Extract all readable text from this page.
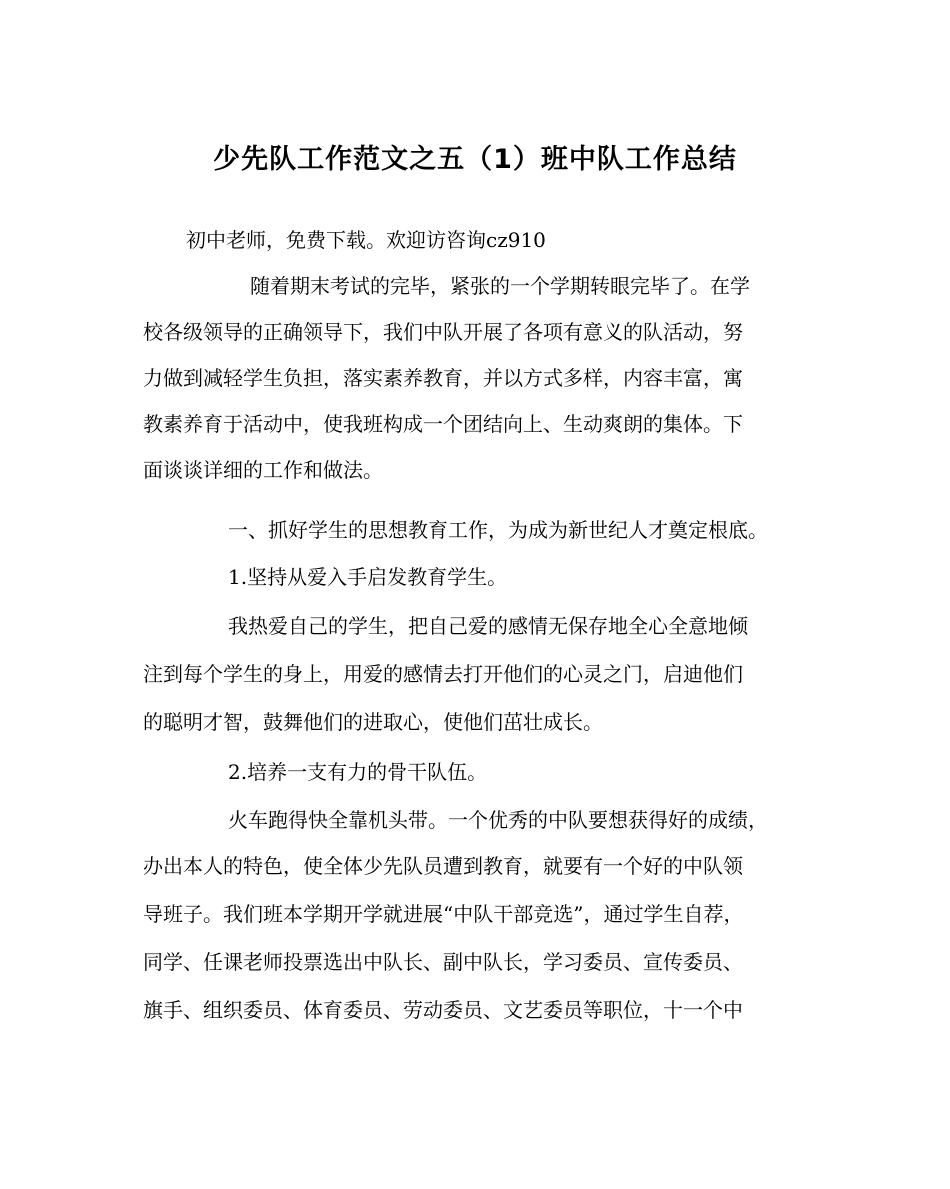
少先队工作范文之五（1）班中队工作总结

初中老师，免费下载。欢迎访咨询cz910

随着期末考试的完毕，紧张的一个学期转眼完毕了。在学

校各级领导的正确领导下，我们中队开展了各项有意义的队活动，努

力做到减轻学生负担，落实素养教育，并以方式多样，内容丰富，寓

教素养育于活动中，使我班构成一个团结向上、生动爽朗的集体。下

面谈谈详细的工作和做法。

一、抓好学生的思想教育工作，为成为新世纪人才奠定根底。

1.坚持从爱入手启发教育学生。

我热爱自己的学生，把自己爱的感情无保存地全心全意地倾

注到每个学生的身上，用爱的感情去打开他们的心灵之门，启迪他们

的聪明才智，鼓舞他们的进取心，使他们茁壮成长。

2.培养一支有力的骨干队伍。

火车跑得快全靠机头带。一个优秀的中队要想获得好的成绩，

办出本人的特色，使全体少先队员遭到教育，就要有一个好的中队领

导班子。我们班本学期开学就进展“中队干部竞选”，通过学生自荐，

同学、任课老师投票选出中队长、副中队长，学习委员、宣传委员、

旗手、组织委员、体育委员、劳动委员、文艺委员等职位，十一个中
